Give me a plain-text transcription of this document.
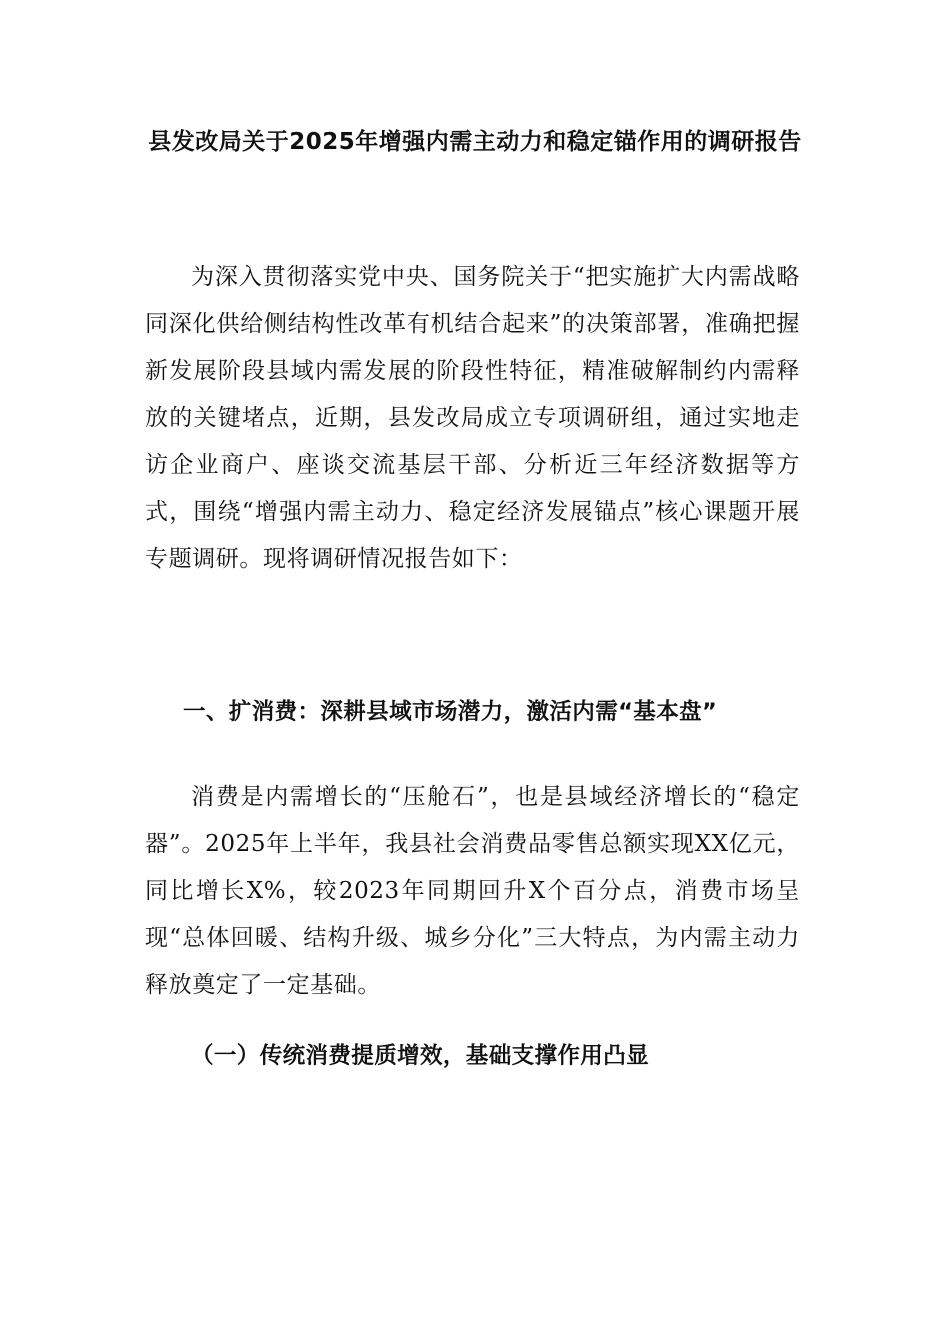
县发改局关于2025年增强内需主动力和稳定锚作用的调研报告

为深入贯彻落实党中央、国务院关于“把实施扩大内需战略同深化供给侧结构性改革有机结合起来”的决策部署，准确把握新发展阶段县域内需发展的阶段性特征，精准破解制约内需释放的关键堵点，近期，县发改局成立专项调研组，通过实地走访企业商户、座谈交流基层干部、分析近三年经济数据等方式，围绕“增强内需主动力、稳定经济发展锚点”核心课题开展专题调研。现将调研情况报告如下：

一、扩消费：深耕县域市场潜力，激活内需“基本盘”

消费是内需增长的“压舱石”，也是县域经济增长的“稳定器”。2025年上半年，我县社会消费品零售总额实现XX亿元，同比增长X%，较2023年同期回升X个百分点，消费市场呈现“总体回暖、结构升级、城乡分化”三大特点，为内需主动力释放奠定了一定基础。

（一）传统消费提质增效，基础支撑作用凸显
